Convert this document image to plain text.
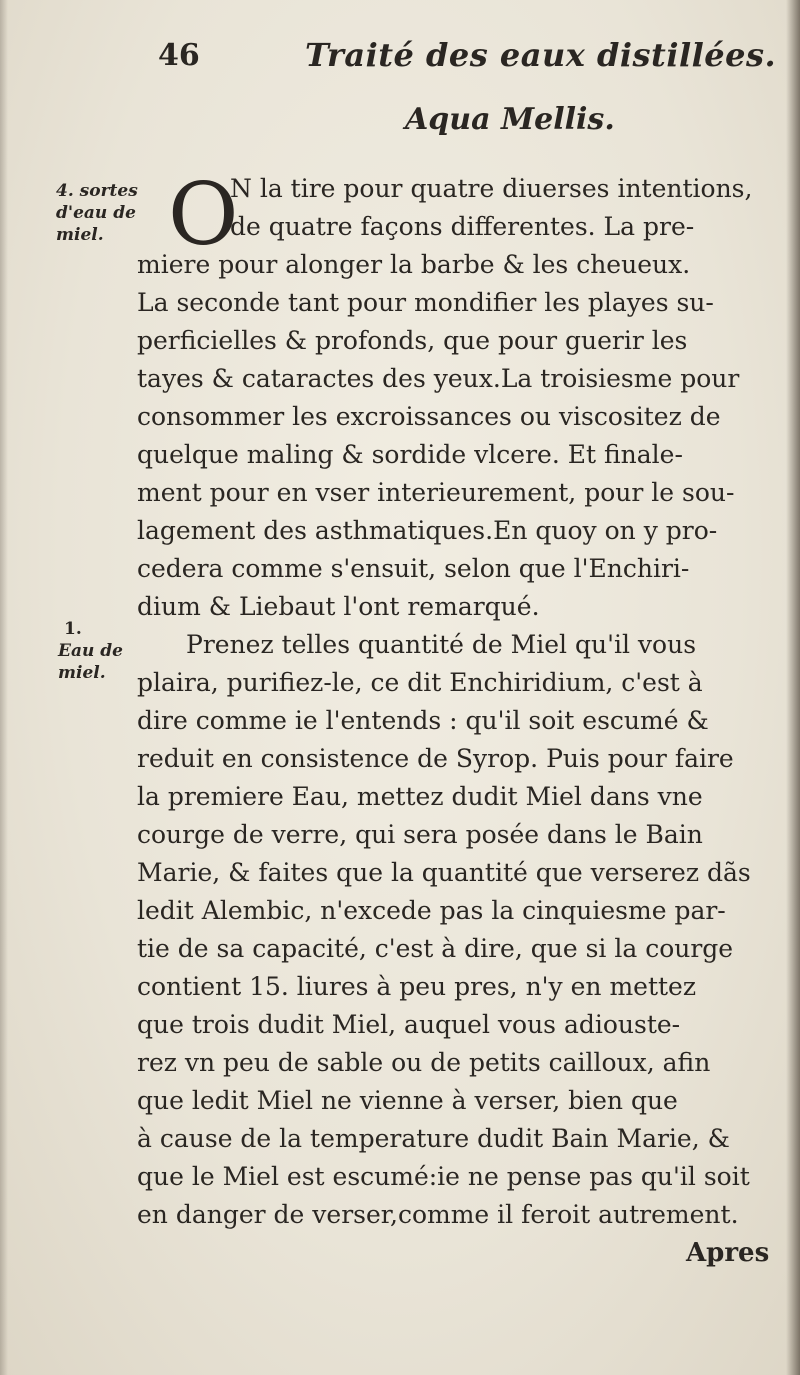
46	Traité des eaux distillées.
Aqua Mellis.
4. sortes
d'eau de
miel.
1.
Eau de
miel.
O
N la tire pour quatre diuerses intentions,
de quatre façons differentes. La pre-
miere pour alonger la barbe & les cheueux.
La seconde tant pour mondifier les playes su-
perficielles & profonds, que pour guerir les
tayes & cataractes des yeux.La troisiesme pour
consommer les excroissances ou viscositez de
quelque maling & sordide vlcere. Et finale-
ment pour en vser interieurement, pour le sou-
lagement des asthmatiques.En quoy on y pro-
cedera comme s'ensuit, selon que l'Enchiri-
dium & Liebaut l'ont remarqué.
Prenez telles quantité de Miel qu'il vous
plaira, purifiez-le, ce dit Enchiridium, c'est à
dire comme ie l'entends : qu'il soit escumé &
reduit en consistence de Syrop. Puis pour faire
la premiere Eau, mettez dudit Miel dans vne
courge de verre, qui sera posée dans le Bain
Marie, & faites que la quantité que verserez dãs
ledit Alembic, n'excede pas la cinquiesme par-
tie de sa capacité, c'est à dire, que si la courge
contient 15. liures à peu pres, n'y en mettez
que trois dudit Miel, auquel vous adiouste-
rez vn peu de sable ou de petits cailloux, afin
que ledit Miel ne vienne à verser, bien que
à cause de la temperature dudit Bain Marie, &
que le Miel est escumé:ie ne pense pas qu'il soit
en danger de verser,comme il feroit autrement.
Apres
